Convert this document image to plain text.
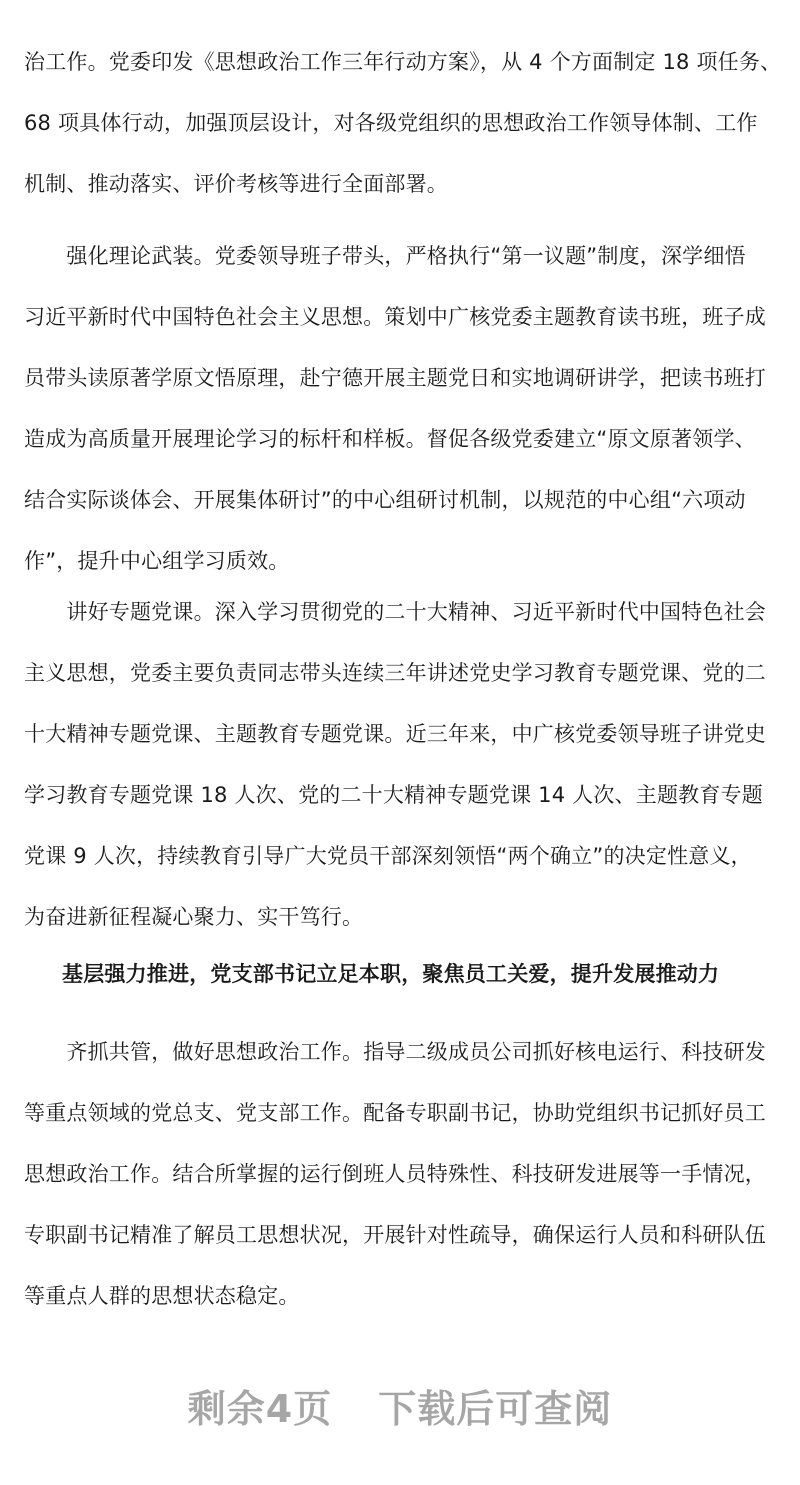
治工作。党委印发《思想政治工作三年行动方案》，从 4 个方面制定 18 项任务、
68 项具体行动，加强顶层设计，对各级党组织的思想政治工作领导体制、工作
机制、推动落实、评价考核等进行全面部署。

　　强化理论武装。党委领导班子带头，严格执行“第一议题”制度，深学细悟
习近平新时代中国特色社会主义思想。策划中广核党委主题教育读书班，班子成
员带头读原著学原文悟原理，赴宁德开展主题党日和实地调研讲学，把读书班打
造成为高质量开展理论学习的标杆和样板。督促各级党委建立“原文原著领学、
结合实际谈体会、开展集体研讨”的中心组研讨机制，以规范的中心组“六项动
作”，提升中心组学习质效。

　　讲好专题党课。深入学习贯彻党的二十大精神、习近平新时代中国特色社会
主义思想，党委主要负责同志带头连续三年讲述党史学习教育专题党课、党的二
十大精神专题党课、主题教育专题党课。近三年来，中广核党委领导班子讲党史
学习教育专题党课 18 人次、党的二十大精神专题党课 14 人次、主题教育专题
党课 9 人次，持续教育引导广大党员干部深刻领悟“两个确立”的决定性意义，
为奋进新征程凝心聚力、实干笃行。

基层强力推进，党支部书记立足本职，聚焦员工关爱，提升发展推动力

　　齐抓共管，做好思想政治工作。指导二级成员公司抓好核电运行、科技研发
等重点领域的党总支、党支部工作。配备专职副书记，协助党组织书记抓好员工
思想政治工作。结合所掌握的运行倒班人员特殊性、科技研发进展等一手情况，
专职副书记精准了解员工思想状况，开展针对性疏导，确保运行人员和科研队伍
等重点人群的思想状态稳定。

剩余4页 下载后可查阅
